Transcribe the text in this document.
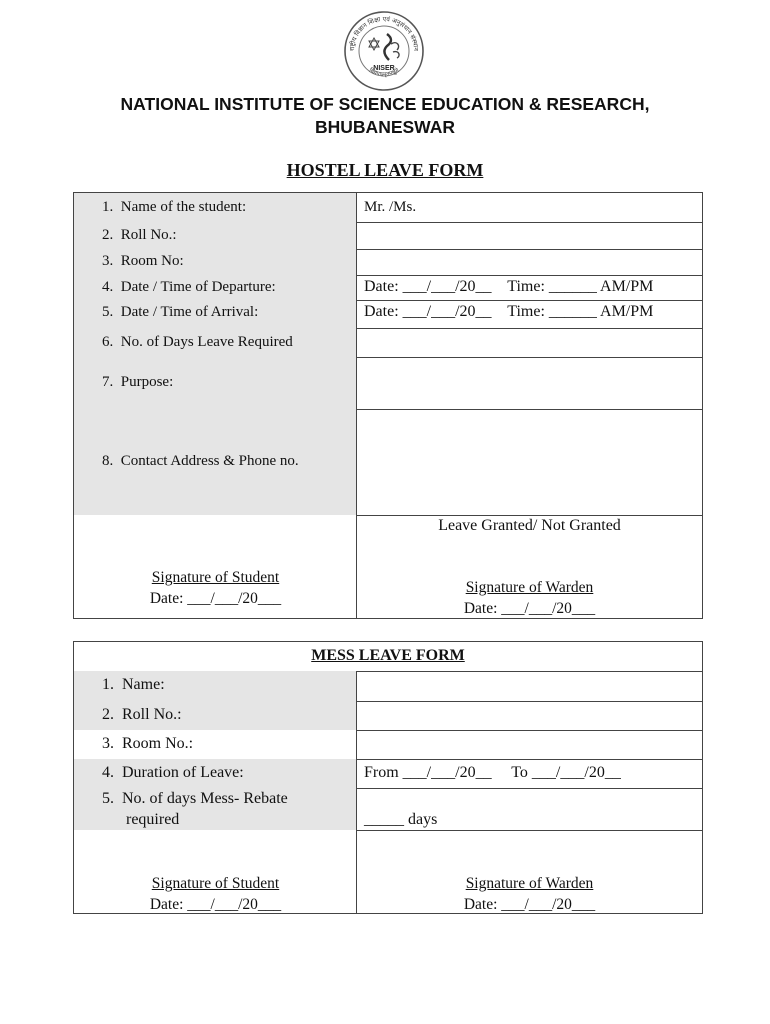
राष्ट्रीय विज्ञान शिक्षा एवं अनुसंधान संस्थान
विद्ययाऽमृतमश्नुते
NISER
NATIONAL INSTITUTE OF SCIENCE EDUCATION & RESEARCH,
BHUBANESWAR
HOSTEL LEAVE FORM
1.  Name of the student:	Mr. /Ms.
2.  Roll No.:
3.  Room No:
4.  Date / Time of Departure:	Date: ___/___/20__    Time: ______ AM/PM
5.  Date / Time of Arrival:	Date: ___/___/20__    Time: ______ AM/PM
6.  No. of Days Leave Required
7.  Purpose:
8.  Contact Address & Phone no.
Signature of Student
Date: ___/___/20___
Leave Granted/ Not Granted
Signature of Warden
Date: ___/___/20___
MESS LEAVE FORM
1.  Name:
2.  Roll No.:
3.  Room No.:
4.  Duration of Leave:	From ___/___/20__     To ___/___/20__
5.  No. of days Mess- Rebate
required	_____ days
Signature of Student
Date: ___/___/20___
Signature of Warden
Date: ___/___/20___
